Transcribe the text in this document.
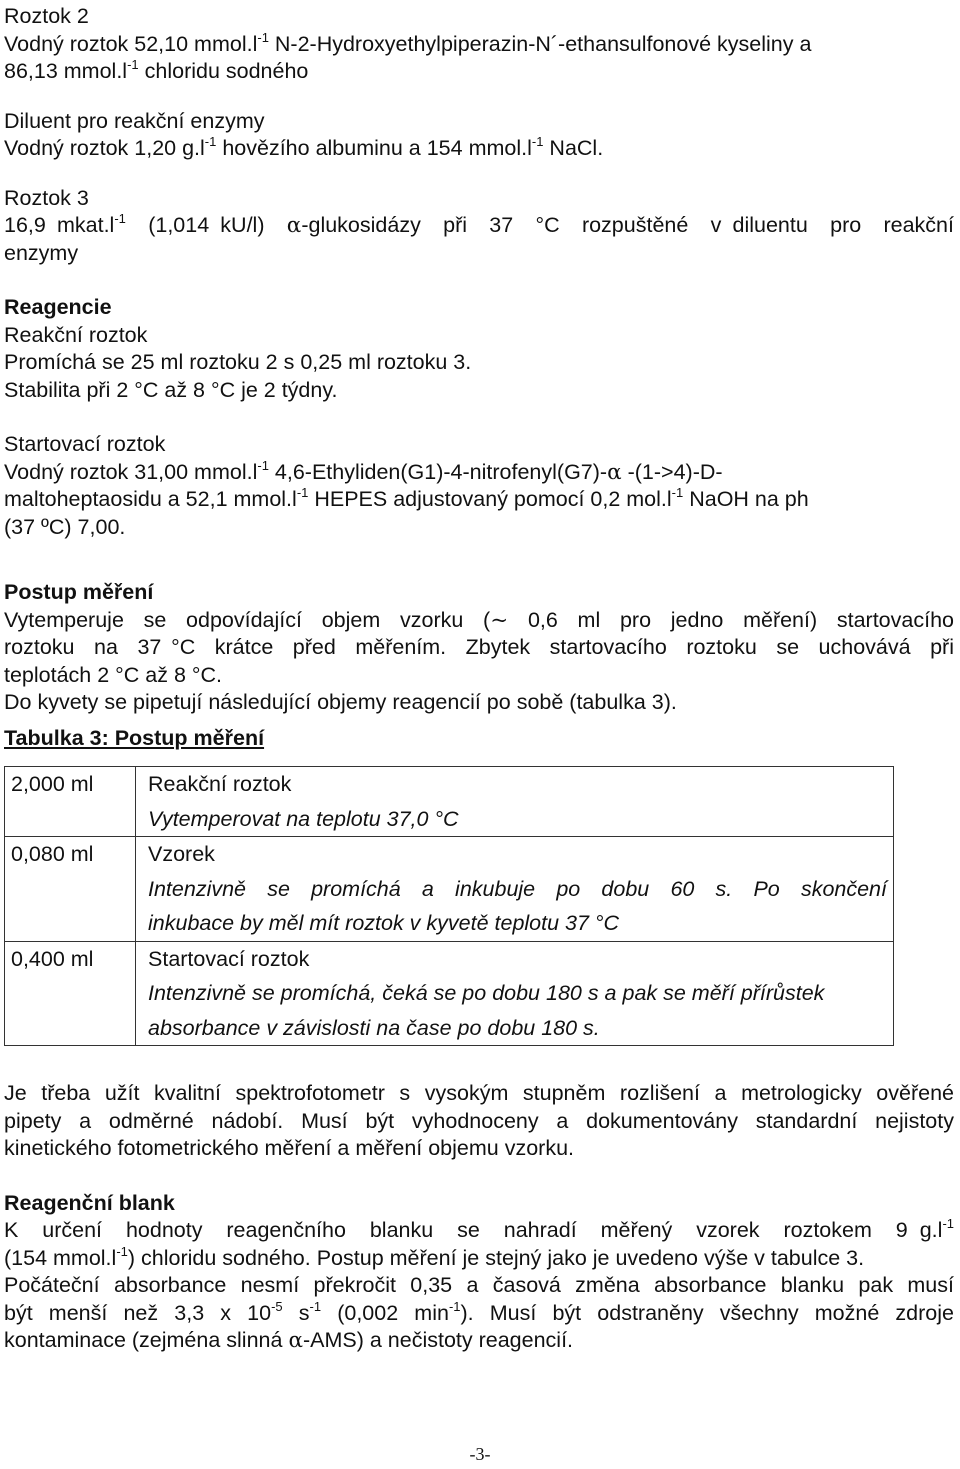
Roztok 2

Vodný roztok 52,10 $mmol.l^{-1}$ N-2-Hydroxyethylpiperazin-N´-ethansulfonové kyseliny a

86,13 $mmol.l^{-1}$ chloridu sodného

Diluent pro reakční enzymy

Vodný roztok 1,20 $g.l^{-1}$ hovězího albuminu a 154 $mmol.l^{-1}$ NaCl.

Roztok 3

16,9 $mkat.l^{-1}$  (1,014 kU/l)  α-glukosidázy  při  37  °C  rozpuštěné  v diluentu  pro  reakční

enzymy

Reagencie

Reakční roztok

Promíchá se 25 ml roztoku 2 s 0,25 ml roztoku 3.

Stabilita při 2 °C až 8 °C je 2 týdny.

Startovací roztok

Vodný roztok 31,00 $mmol.l^{-1}$ 4,6-Ethyliden(G1)-4-nitrofenyl(G7)-α -(1->4)-D-

maltoheptaosidu a 52,1 $mmol.l^{-1}$ HEPES adjustovaný pomocí 0,2 $mol.l^{-1}$ NaOH na ph

(37 ºC) 7,00.

Postup měření

Vytemperuje  se  odpovídající  objem  vzorku  (~  0,6  ml  pro  jedno  měření)  startovacího

roztoku  na  37 °C  krátce  před  měřením.  Zbytek  startovacího  roztoku  se  uchovává  při

teplotách 2 °C až 8 °C.

Do kyvety se pipetují následující objemy reagencií po sobě (tabulka 3).

Tabulka 3: Postup měření

2,000 ml	Reakční roztok
Vytemperovat na teplotu 37,0 °C

0,080 ml	Vzorek
Intenzivně  se  promíchá  a  inkubuje  po  dobu  60  s.  Po  skončení
inkubace by měl mít roztok v kyvetě teplotu 37 °C

0,400 ml	Startovací roztok
Intenzivně se promíchá, čeká se po dobu 180 s a pak se měří přírůstek
absorbance v závislosti na čase po dobu 180 s.

Je třeba užít kvalitní spektrofotometr s vysokým stupněm rozlišení a metrologicky ověřené

pipety a odměrné nádobí. Musí být vyhodnoceny a dokumentovány standardní nejistoty

kinetického fotometrického měření a měření objemu vzorku.

Reagenční blank

K  určení  hodnoty  reagenčního  blanku  se  nahradí  měřený  vzorek  roztokem  9 $g.l^{-1}$

(154 $mmol.l^{-1}$) chloridu sodného. Postup měření je stejný jako je uvedeno výše v tabulce 3.

Počáteční absorbance nesmí překročit 0,35 a časová změna absorbance blanku pak musí

být  menší  než  3,3  x  $10^{-5}$  $s^{-1}$  (0,002  $\min^{-1}$).  Musí  být  odstraněny  všechny  možné  zdroje

kontaminace (zejména slinná α-AMS) a nečistoty reagencií.

-3-
